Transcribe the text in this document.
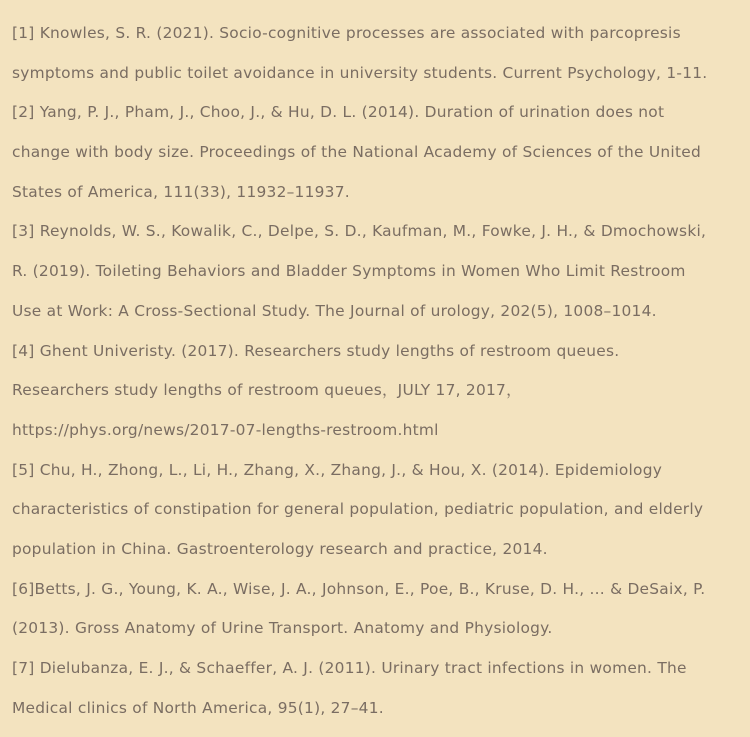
[1] Knowles, S. R. (2021). Socio-cognitive processes are associated with parcopresis
symptoms and public toilet avoidance in university students. Current Psychology, 1-11.
[2] Yang, P. J., Pham, J., Choo, J., & Hu, D. L. (2014). Duration of urination does not
change with body size. Proceedings of the National Academy of Sciences of the United
States of America, 111(33), 11932–11937.
[3] Reynolds, W. S., Kowalik, C., Delpe, S. D., Kaufman, M., Fowke, J. H., & Dmochowski,
R. (2019). Toileting Behaviors and Bladder Symptoms in Women Who Limit Restroom
Use at Work: A Cross-Sectional Study. The Journal of urology, 202(5), 1008–1014.
[4] Ghent Univeristy. (2017). Researchers study lengths of restroom queues.
Researchers study lengths of restroom queues，JULY 17, 2017，
https://phys.org/news/2017-07-lengths-restroom.html
[5] Chu, H., Zhong, L., Li, H., Zhang, X., Zhang, J., & Hou, X. (2014). Epidemiology
characteristics of constipation for general population, pediatric population, and elderly
population in China. Gastroenterology research and practice, 2014.
[6]Betts, J. G., Young, K. A., Wise, J. A., Johnson, E., Poe, B., Kruse, D. H., ... & DeSaix, P.
(2013). Gross Anatomy of Urine Transport. Anatomy and Physiology.
[7] Dielubanza, E. J., & Schaeffer, A. J. (2011). Urinary tract infections in women. The
Medical clinics of North America, 95(1), 27–41.
